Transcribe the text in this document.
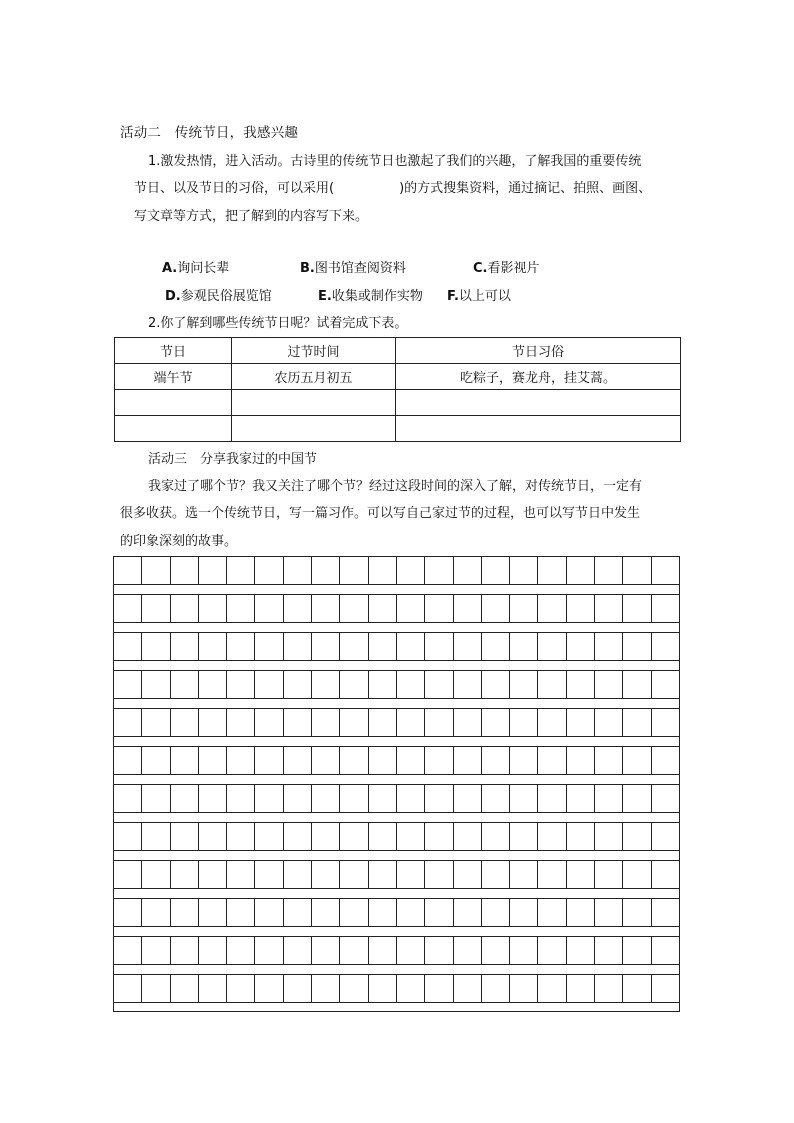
活动二　传统节日，我感兴趣
1.激发热情，进入活动。古诗里的传统节日也激起了我们的兴趣，了解我国的重要传统
节日、以及节日的习俗，可以采用(　　　　　)的方式搜集资料，通过摘记、拍照、画图、
写文章等方式，把了解到的内容写下来。
A.询问长辈	B.图书馆查阅资料	C.看影视片
D.参观民俗展览馆	E.收集或制作实物 F.以上可以
2.你了解到哪些传统节日呢？试着完成下表。
节日	过节时间	节日习俗
端午节	农历五月初五	吃粽子，赛龙舟，挂艾蒿。

活动三　分享我家过的中国节
我家过了哪个节？我又关注了哪个节？经过这段时间的深入了解，对传统节日，一定有
很多收获。选一个传统节日，写一篇习作。可以写自己家过节的过程，也可以写节日中发生
的印象深刻的故事。
